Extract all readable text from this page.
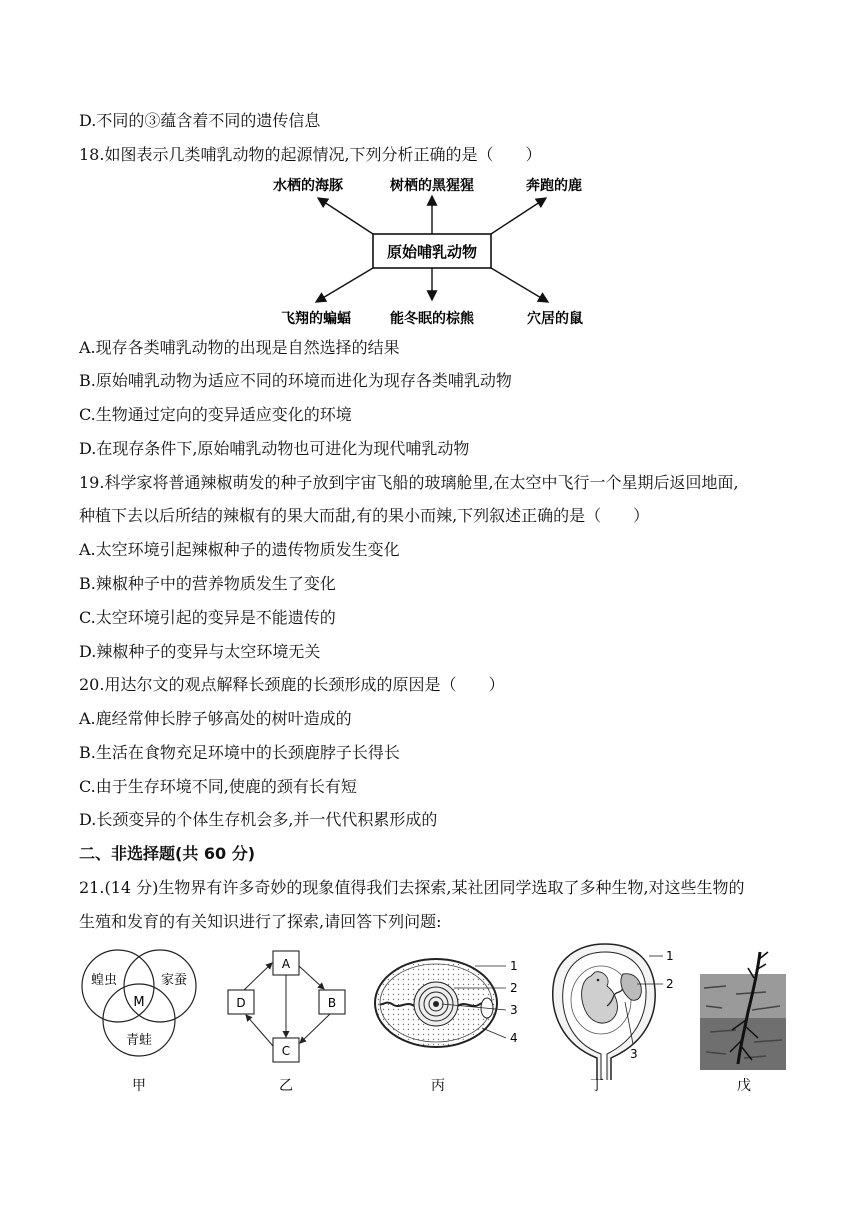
D.不同的③蕴含着不同的遗传信息
18.如图表示几类哺乳动物的起源情况,下列分析正确的是（　　）
原始哺乳动物
水栖的海豚	树栖的黑猩猩	奔跑的鹿
飞翔的蝙蝠	能冬眠的棕熊	穴居的鼠
A.现存各类哺乳动物的出现是自然选择的结果
B.原始哺乳动物为适应不同的环境而进化为现存各类哺乳动物
C.生物通过定向的变异适应变化的环境
D.在现存条件下,原始哺乳动物也可进化为现代哺乳动物
19.科学家将普通辣椒萌发的种子放到宇宙飞船的玻璃舱里,在太空中飞行一个星期后返回地面,
种植下去以后所结的辣椒有的果大而甜,有的果小而辣,下列叙述正确的是（　　）
A.太空环境引起辣椒种子的遗传物质发生变化
B.辣椒种子中的营养物质发生了变化
C.太空环境引起的变异是不能遗传的
D.辣椒种子的变异与太空环境无关
20.用达尔文的观点解释长颈鹿的长颈形成的原因是（　　）
A.鹿经常伸长脖子够高处的树叶造成的
B.生活在食物充足环境中的长颈鹿脖子长得长
C.由于生存环境不同,使鹿的颈有长有短
D.长颈变异的个体生存机会多,并一代代积累形成的
二、非选择题(共 60 分)
21.(14 分)生物界有许多奇妙的现象值得我们去探索,某社团同学选取了多种生物,对这些生物的
生殖和发育的有关知识进行了探索,请回答下列问题:
蝗虫	家蚕
青蛙
M
甲
A
B
C
D
乙
1
2
3
4
丙
1
2
3
丁	戊
